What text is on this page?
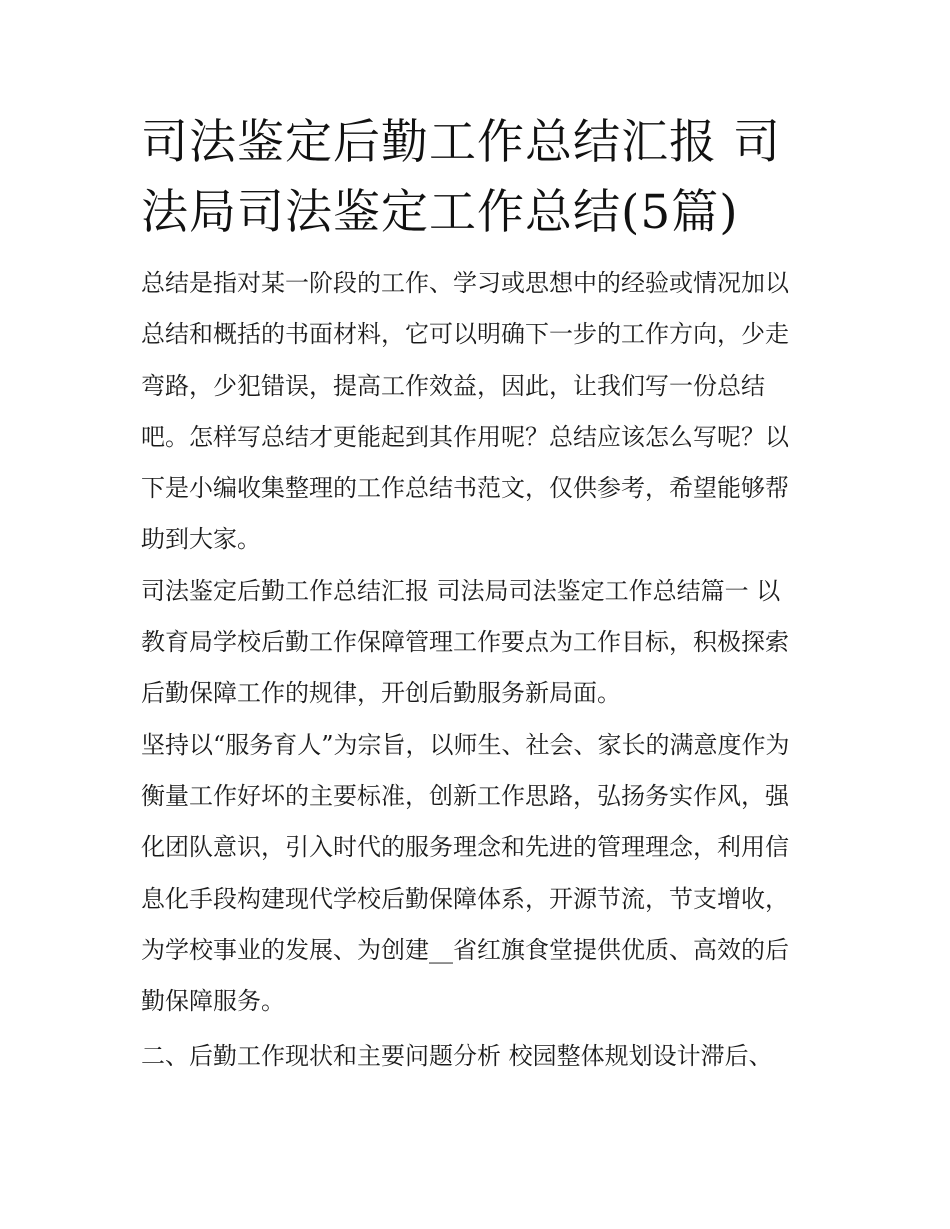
司法鉴定后勤工作总结汇报 司
法局司法鉴定工作总结(5篇)

总结是指对某一阶段的工作、学习或思想中的经验或情况加以
总结和概括的书面材料，它可以明确下一步的工作方向，少走
弯路，少犯错误，提高工作效益，因此，让我们写一份总结
吧。怎样写总结才更能起到其作用呢？总结应该怎么写呢？以
下是小编收集整理的工作总结书范文，仅供参考，希望能够帮
助到大家。

司法鉴定后勤工作总结汇报 司法局司法鉴定工作总结篇一 以
教育局学校后勤工作保障管理工作要点为工作目标，积极探索
后勤保障工作的规律，开创后勤服务新局面。

坚持以“服务育人”为宗旨，以师生、社会、家长的满意度作为
衡量工作好坏的主要标准，创新工作思路，弘扬务实作风，强
化团队意识，引入时代的服务理念和先进的管理理念，利用信
息化手段构建现代学校后勤保障体系，开源节流，节支增收，
为学校事业的发展、为创建__省红旗食堂提供优质、高效的后
勤保障服务。

二、后勤工作现状和主要问题分析 校园整体规划设计滞后、
